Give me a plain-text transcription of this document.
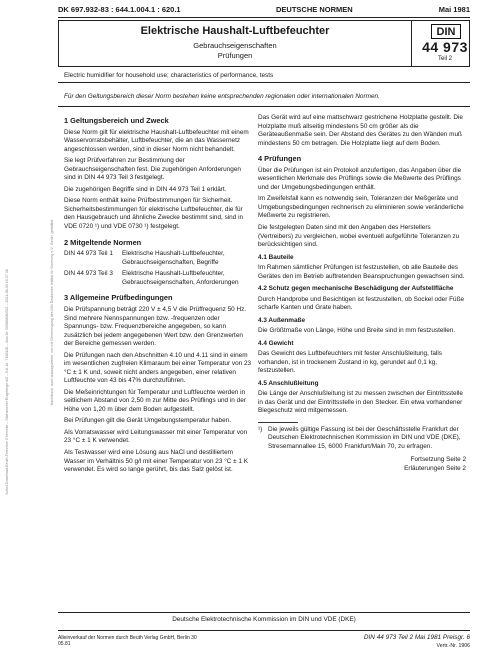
Sofort-Download-Beuth-Techniker Chemnitz – Sächsischer Erzgebirge AG – Kd.-Nr. 7168130 – Abo-Nr. 00586808/002 – 2021-08-30 16:37:38	Nachdruck, auch auszugsweise, nur mit Genehmigung des DIN Deutsches Institut für Normung e.V., Berlin, gestattet.
DK 697.932-83 : 644.1.004.1 : 620.1	DEUTSCHE NORMEN	Mai 1981
Elektrische Haushalt-Luftbefeuchter
Gebrauchseigenschaften
Prüfungen
DIN
44 973
Teil 2
Electric humidifier for household use; characteristics of performance, tests
Für den Geltungsbereich dieser Norm bestehen keine entsprechenden regionalen oder internationalen Normen.
1 Geltungsbereich und Zweck

Diese Norm gilt für elektrische Haushalt-Luftbefeuchter mit einem Wasservorratsbehälter, Luftbefeuchter, die an das Wassernetz angeschlossen werden, sind in dieser Norm nicht behandelt.

Sie legt Prüfverfahren zur Bestimmung der Gebrauchseigenschaften fest. Die zugehörigen Anforderungen sind in DIN 44 973 Teil 3 festgelegt.

Die zugehörigen Begriffe sind in DIN 44 973 Teil 1 erklärt.

Diese Norm enthält keine Prüfbestimmungen für Sicherheit. Sicherheitsbestimmungen für elektrische Luftbefeuchter, die für den Hausgebrauch und ähnliche Zwecke bestimmt sind, sind in VDE 0720 ¹) und VDE 0730 ¹) festgelegt.

2 Mitgeltende Normen
DIN 44 973 Teil 1	Elektrische Haushalt-Luftbefeuchter, Gebrauchseigenschaften, Begriffe
DIN 44 973 Teil 3	Elektrische Haushalt-Luftbefeuchter, Gebrauchseigenschaften, Anforderungen
3 Allgemeine Prüfbedingungen

Die Prüfspannung beträgt 220 V ± 4,5 V die Prüffrequenz 50 Hz. Sind mehrere Nennspannungen bzw. -frequenzen oder Spannungs- bzw. Frequenzbereiche angegeben, so kann zusätzlich bei jedem angegebenen Wert bzw. den Grenzwerten der Bereiche gemessen werden.

Die Prüfungen nach den Abschnitten 4.10 und 4.11 sind in einem im wesentlichen zugfreien Klimaraum bei einer Temperatur von 23 °C ± 1 K und, soweit nicht anders angegeben, einer relativen Luftfeuchte von 43 bis 47% durchzuführen.

Die Meßeinrichtungen für Temperatur und Luftfeuchte werden in seitlichem Abstand von 2,50 m zur Mitte des Prüflings und in der Höhe von 1,20 m über dem Boden aufgestellt.

Bei Prüfungen gilt die Gerät Umgebungstemperatur haben.

Als Vorratswasser wird Leitungswasser mit einer Temperatur von 23 °C ± 1 K verwendet.

Als Testwasser wird eine Lösung aus NaCl und destilliertem Wasser im Verhältnis 50 g/l mit einer Temperatur von 23 °C ± 1 K verwendet. Es wird so lange gerührt, bis das Salz gelöst ist.

Das Gerät wird auf eine mattschwarz gestrichene Holzplatte gestellt. Die Holzplatte muß allseitig mindestens 50 cm größer als die Geräteaußenmaße sein. Der Abstand des Gerätes zu den Wänden muß mindestens 50 cm betragen. Die Holzplatte liegt auf dem Boden.

4 Prüfungen

Über die Prüfungen ist ein Protokoll anzufertigen, das Angaben über die wesentlichen Merkmale des Prüflings sowie die Meßwerte des Prüflings und der Umgebungsbedingungen enthält.

Im Zweifelsfall kann es notwendig sein, Toleranzen der Meßgeräte und Umgebungsbedingungen rechnerisch zu eliminieren sowie veränderliche Meßwerte zu registrieren.

Die festgelegten Daten sind mit den Angaben des Herstellers (Vertreibers) zu vergleichen, wobei eventuell aufgeführte Toleranzen zu berücksichtigen sind.

4.1 Bauteile

Im Rahmen sämtlicher Prüfungen ist festzustellen, ob alle Bauteile des Gerätes den im Betrieb auftretenden Beanspruchungen gewachsen sind.

4.2 Schutz gegen mechanische Beschädigung der Aufstellfläche

Durch Handprobe und Besichtigen ist festzustellen, ob Sockel oder Füße scharfe Kanten und Grate haben.

4.3 Außenmaße

Die Größtmaße von Länge, Höhe und Breite sind in mm festzustellen.

4.4 Gewicht

Das Gewicht des Luftbefeuchters mit fester Anschlußleitung, falls vorhanden, ist in trockenem Zustand in kg, gerundet auf 0,1 kg, festzustellen.

4.5 Anschlußleitung

Die Länge der Anschlußleitung ist zu messen zwischen der Eintrittsstelle in das Gerät und der Eintrittsstelle in den Stecker. Ein etwa vorhandener Biegeschutz wird mitgemessen.

¹) Die jeweils gültige Fassung ist bei der Geschäftsstelle Frankfurt der Deutschen Elektrotechnischen Kommission im DIN und VDE (DKE), Stresemannallee 15, 6000 Frankfurt/Main 70, zu erfragen.
Fortsetzung Seite 2
Erläuterungen Seite 2
Deutsche Elektrotechnische Kommission im DIN und VDE (DKE)
Alleinverkauf der Normen durch Beuth Verlag GmbH, Berlin 30
05.81
DIN 44 973 Teil 2 Mai 1981 Preisgr. 6
Vertr.-Nr. 1906
